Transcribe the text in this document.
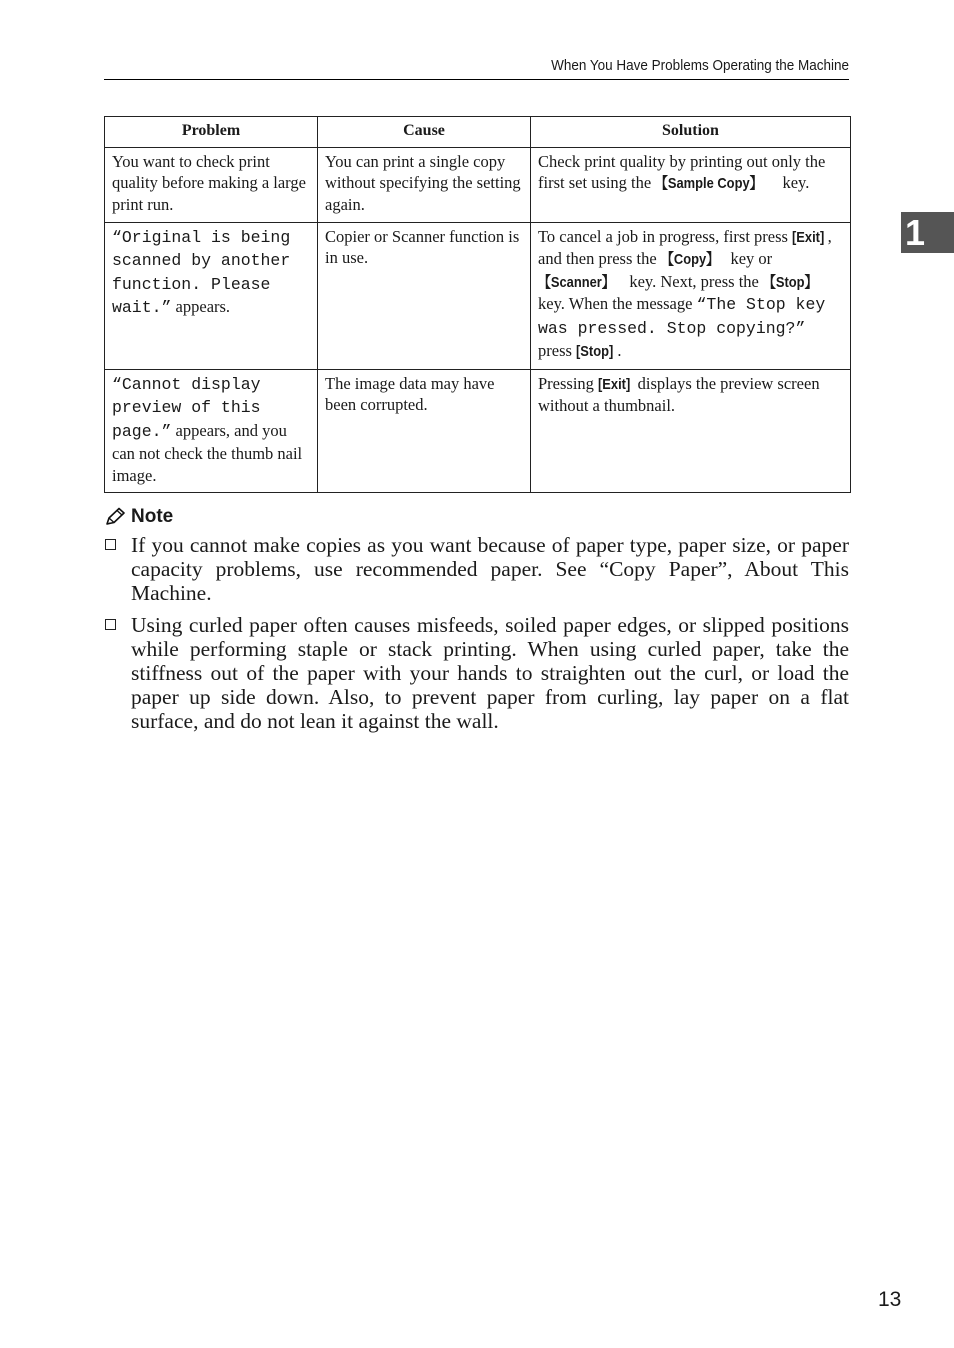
When You Have Problems Operating the Machine
1
Problem	Cause	Solution
You want to check print quality before making a large print run.	You can print a single copy without specifying the setting again.	Check print quality by printing out only the first set using the 【Sample Copy】 key.
“Original is being scanned by another function. Please wait.” appears.	Copier or Scanner function is in use.	To cancel a job in progress, first press [Exit] , and then press the 【Copy】 key or 【Scanner】 key. Next, press the 【Stop】 key. When the message “The Stop key was pressed. Stop copying?” press [Stop] .
“Cannot display preview of this page.” appears, and you can not check the thumb nail image.	The image data may have been corrupted.	Pressing [Exit] displays the preview screen without a thumbnail.
Note
If you cannot make copies as you want because of paper type, paper size, or paper capacity problems, use recommended paper. See “Copy Paper”, About This Machine.
Using curled paper often causes misfeeds, soiled paper edges, or slipped positions while performing staple or stack printing. When using curled paper, take the stiffness out of the paper with your hands to straighten out the curl, or load the paper up side down. Also, to prevent paper from curling, lay paper on a flat surface, and do not lean it against the wall.
13
